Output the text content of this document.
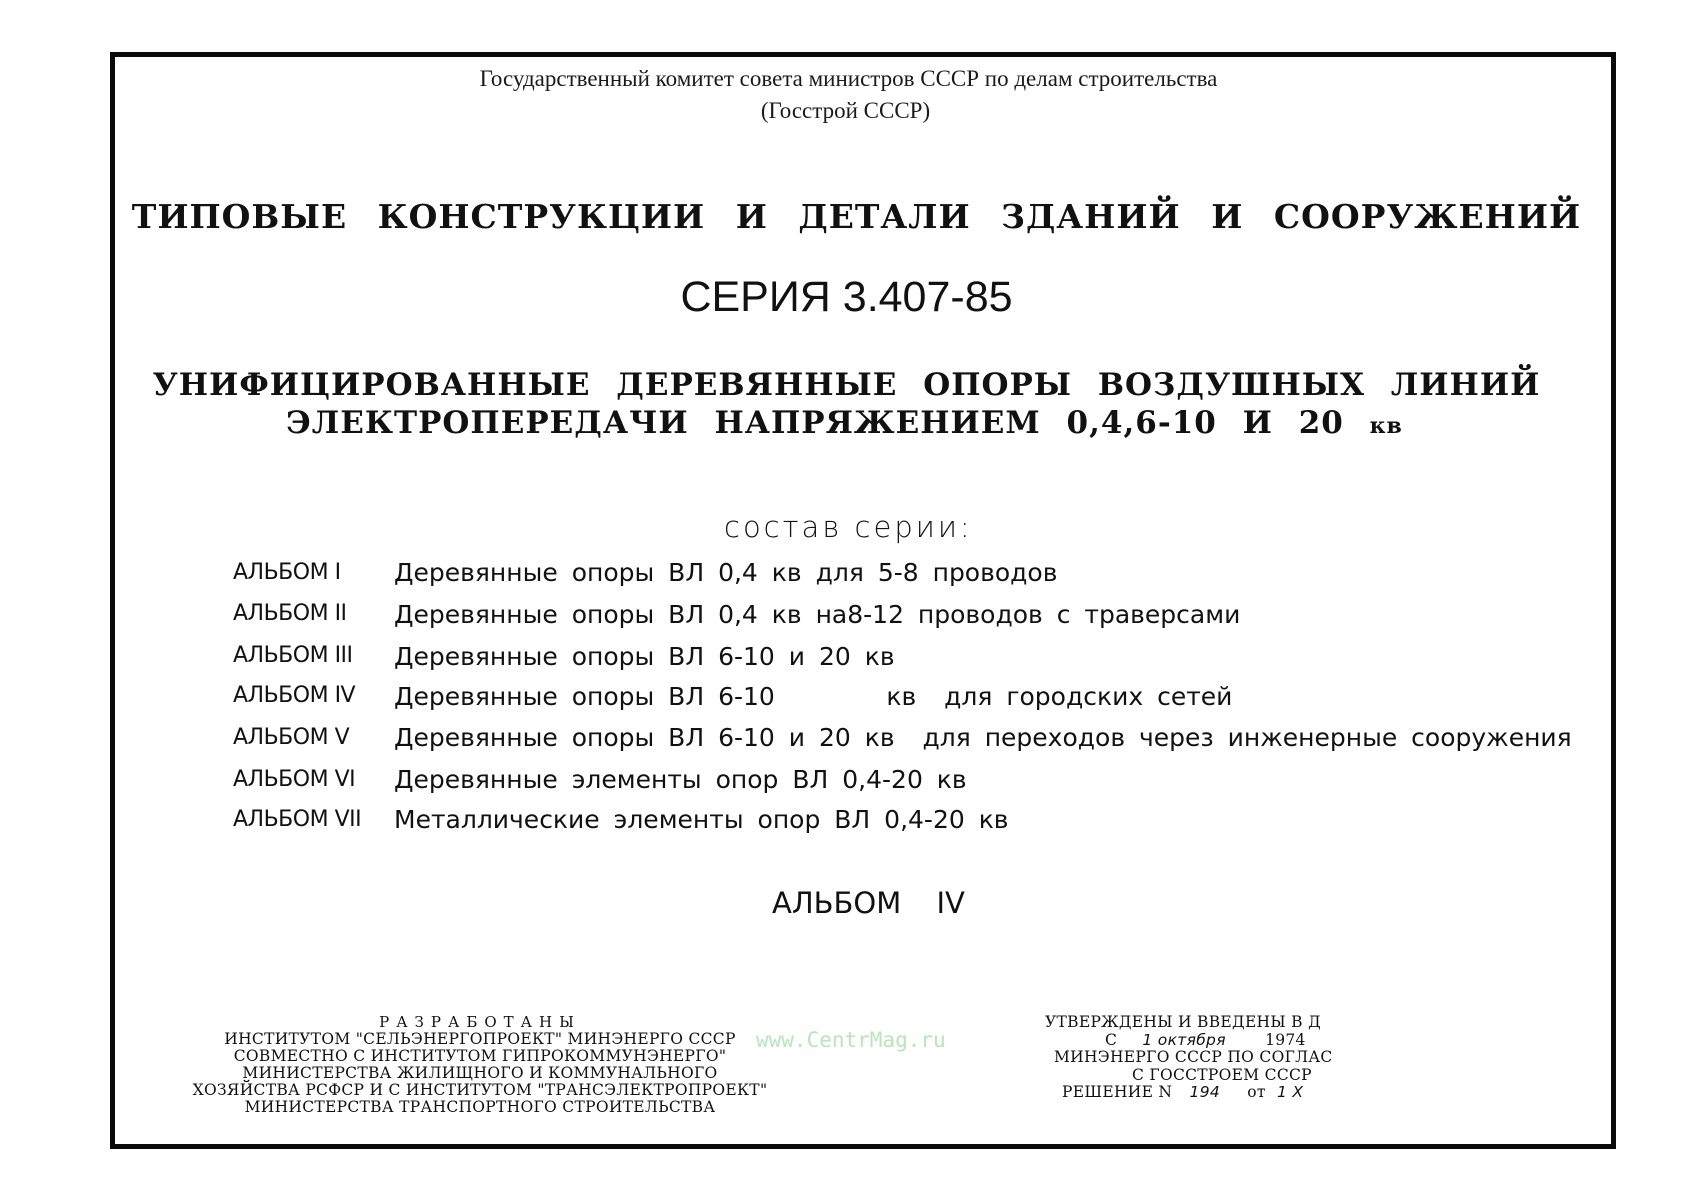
Государственный комитет совета министров СССР по делам строительства
(Госстрой СССР)
ТИПОВЫЕ КОНСТРУКЦИИ И ДЕТАЛИ ЗДАНИЙ И СООРУЖЕНИЙ
СЕРИЯ 3.407-85
УНИФИЦИРОВАННЫЕ ДЕРЕВЯННЫЕ ОПОРЫ ВОЗДУШНЫХ ЛИНИЙ
ЭЛЕКТРОПЕРЕДАЧИ НАПРЯЖЕНИЕМ 0,4,6-10 И 20 кв
состав серии:
АЛЬБОМ I Деревянные опоры ВЛ 0,4 кв для 5-8 проводов
АЛЬБОМ II Деревянные опоры ВЛ 0,4 кв на8-12 проводов с траверсами
АЛЬБОМ III Деревянные опоры ВЛ 6-10 и 20 кв
АЛЬБОМ IV Деревянные опоры ВЛ 6-10        кв  для городских сетей
АЛЬБОМ V Деревянные опоры ВЛ 6-10 и 20 кв  для переходов через инженерные сооружения
АЛЬБОМ VI Деревянные элементы опор ВЛ 0,4-20 кв
АЛЬБОМ VII Металлические элементы опор ВЛ 0,4-20 кв
АЛЬБОМ IV
РАЗРАБОТАНЫ
ИНСТИТУТОМ "СЕЛЬЭНЕРГОПРОЕКТ" МИНЭНЕРГО СССР
СОВМЕСТНО С ИНСТИТУТОМ ГИПРОКОММУНЭНЕРГО"
МИНИСТЕРСТВА ЖИЛИЩНОГО И КОММУНАЛЬНОГО
ХОЗЯЙСТВА РСФСР И С ИНСТИТУТОМ "ТРАНСЭЛЕКТРОПРОЕКТ"
МИНИСТЕРСТВА ТРАНСПОРТНОГО СТРОИТЕЛЬСТВА
www.CentrMag.ru
УТВЕРЖДЕНЫ И ВВЕДЕНЫ В Д
С 1 октября	1974
МИНЭНЕРГО СССР ПО СОГЛАС
С ГОССТРОЕМ СССР
РЕШЕНИЕ N 194 от 1 X
